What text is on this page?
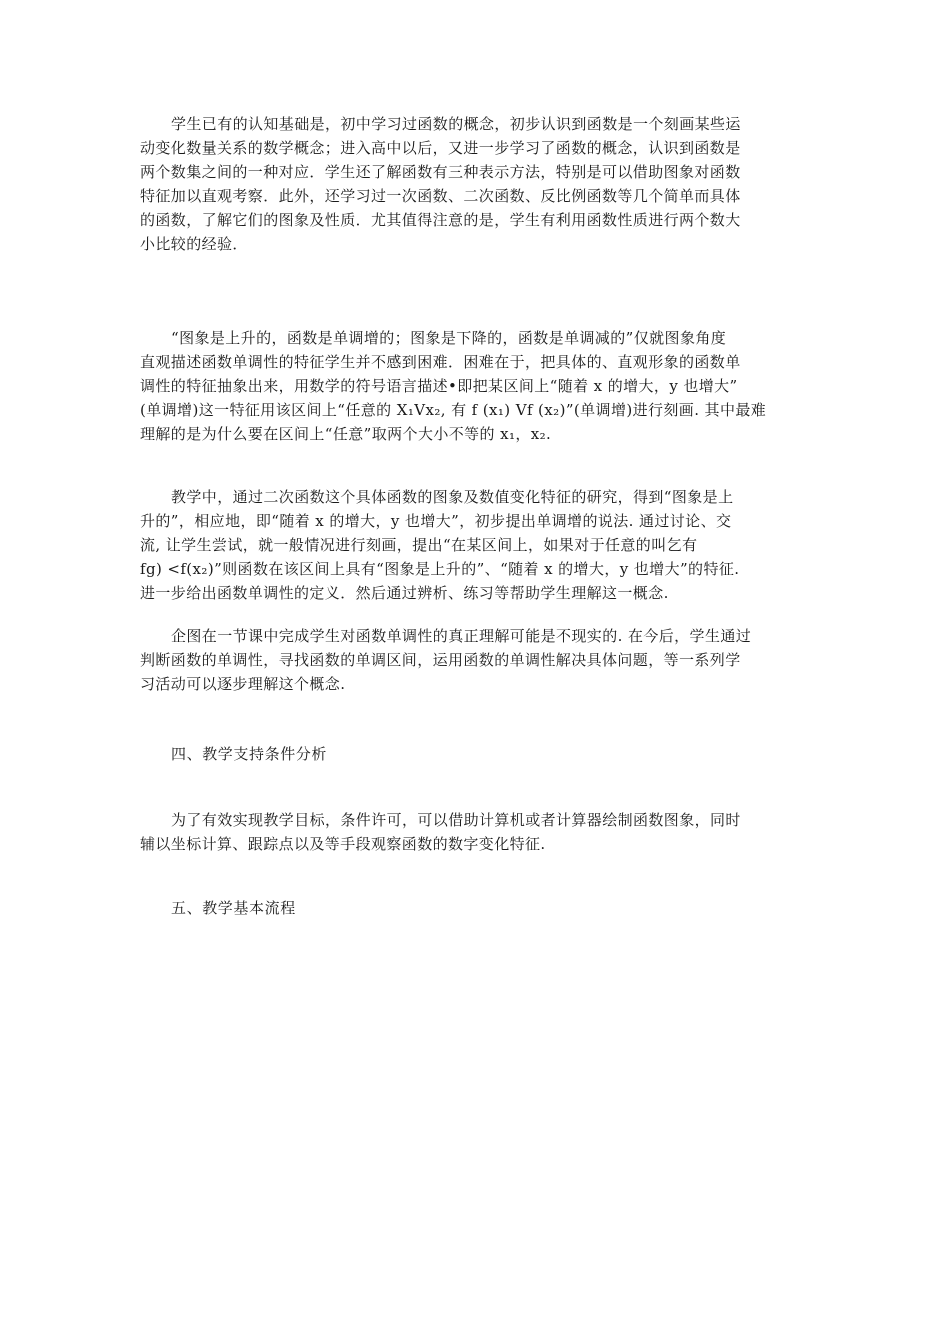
学生已有的认知基础是，初中学习过函数的概念，初步认识到函数是一个刻画某些运
动变化数量关系的数学概念；进入高中以后，又进一步学习了函数的概念，认识到函数是
两个数集之间的一种对应．学生还了解函数有三种表示方法，特别是可以借助图象对函数
特征加以直观考察．此外，还学习过一次函数、二次函数、反比例函数等几个简单而具体
的函数，了解它们的图象及性质．尤其值得注意的是，学生有利用函数性质进行两个数大
小比较的经验．
“图象是上升的，函数是单调增的；图象是下降的，函数是单调减的”仅就图象角度
直观描述函数单调性的特征学生并不感到困难．困难在于，把具体的、直观形象的函数单
调性的特征抽象出来，用数学的符号语言描述•即把某区间上“随着 x 的增大，y 也增大”
(单调增)这一特征用该区间上“任意的 X₁Vx₂, 有 f (x₁) Vf (x₂)”(单调增)进行刻画. 其中最难
理解的是为什么要在区间上“任意”取两个大小不等的 x₁，x₂.
教学中，通过二次函数这个具体函数的图象及数值变化特征的研究，得到“图象是上
升的”，相应地，即“随着 x 的增大，y 也增大”，初步提出单调增的说法. 通过讨论、交
流, 让学生尝试，就一般情况进行刻画，提出“在某区间上，如果对于任意的叫乞有
fg) <f(x₂)”则函数在该区间上具有“图象是上升的”、“随着 x 的增大，y 也增大”的特征.
进一步给出函数单调性的定义．然后通过辨析、练习等帮助学生理解这一概念.
企图在一节课中完成学生对函数单调性的真正理解可能是不现实的. 在今后，学生通过
判断函数的单调性，寻找函数的单调区间，运用函数的单调性解决具体问题，等一系列学
习活动可以逐步理解这个概念.
四、教学支持条件分析
为了有效实现教学目标，条件许可，可以借助计算机或者计算器绘制函数图象，同时
辅以坐标计算、跟踪点以及等手段观察函数的数字变化特征.
五、教学基本流程
